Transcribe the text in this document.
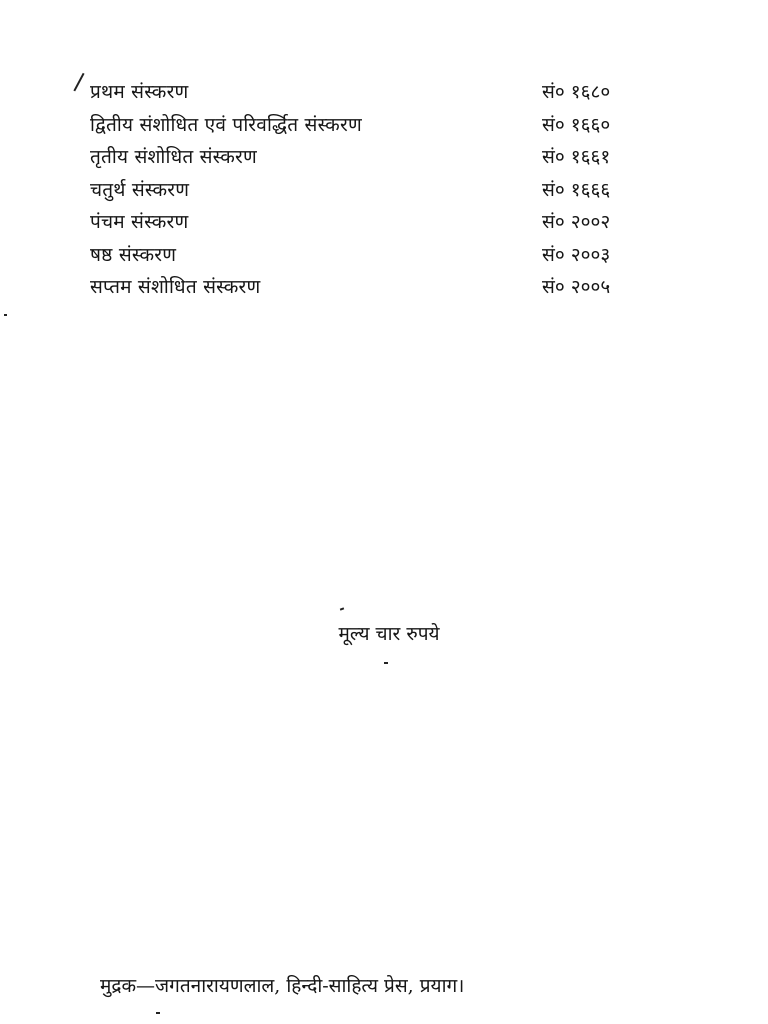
प्रथम संस्करण	सं० १६८०
द्वितीय संशोधित एवं परिवर्द्धित संस्करण	सं० १६६०
तृतीय संशोधित संस्करण	सं० १६६१
चतुर्थ संस्करण	सं० १६६६
पंचम संस्करण	सं० २००२
षष्ठ संस्करण	सं० २००३
सप्तम संशोधित संस्करण	सं० २००५
मूल्य चार रुपये
मुद्रक—जगतनारायणलाल, हिन्दी-साहित्य प्रेस, प्रयाग।
